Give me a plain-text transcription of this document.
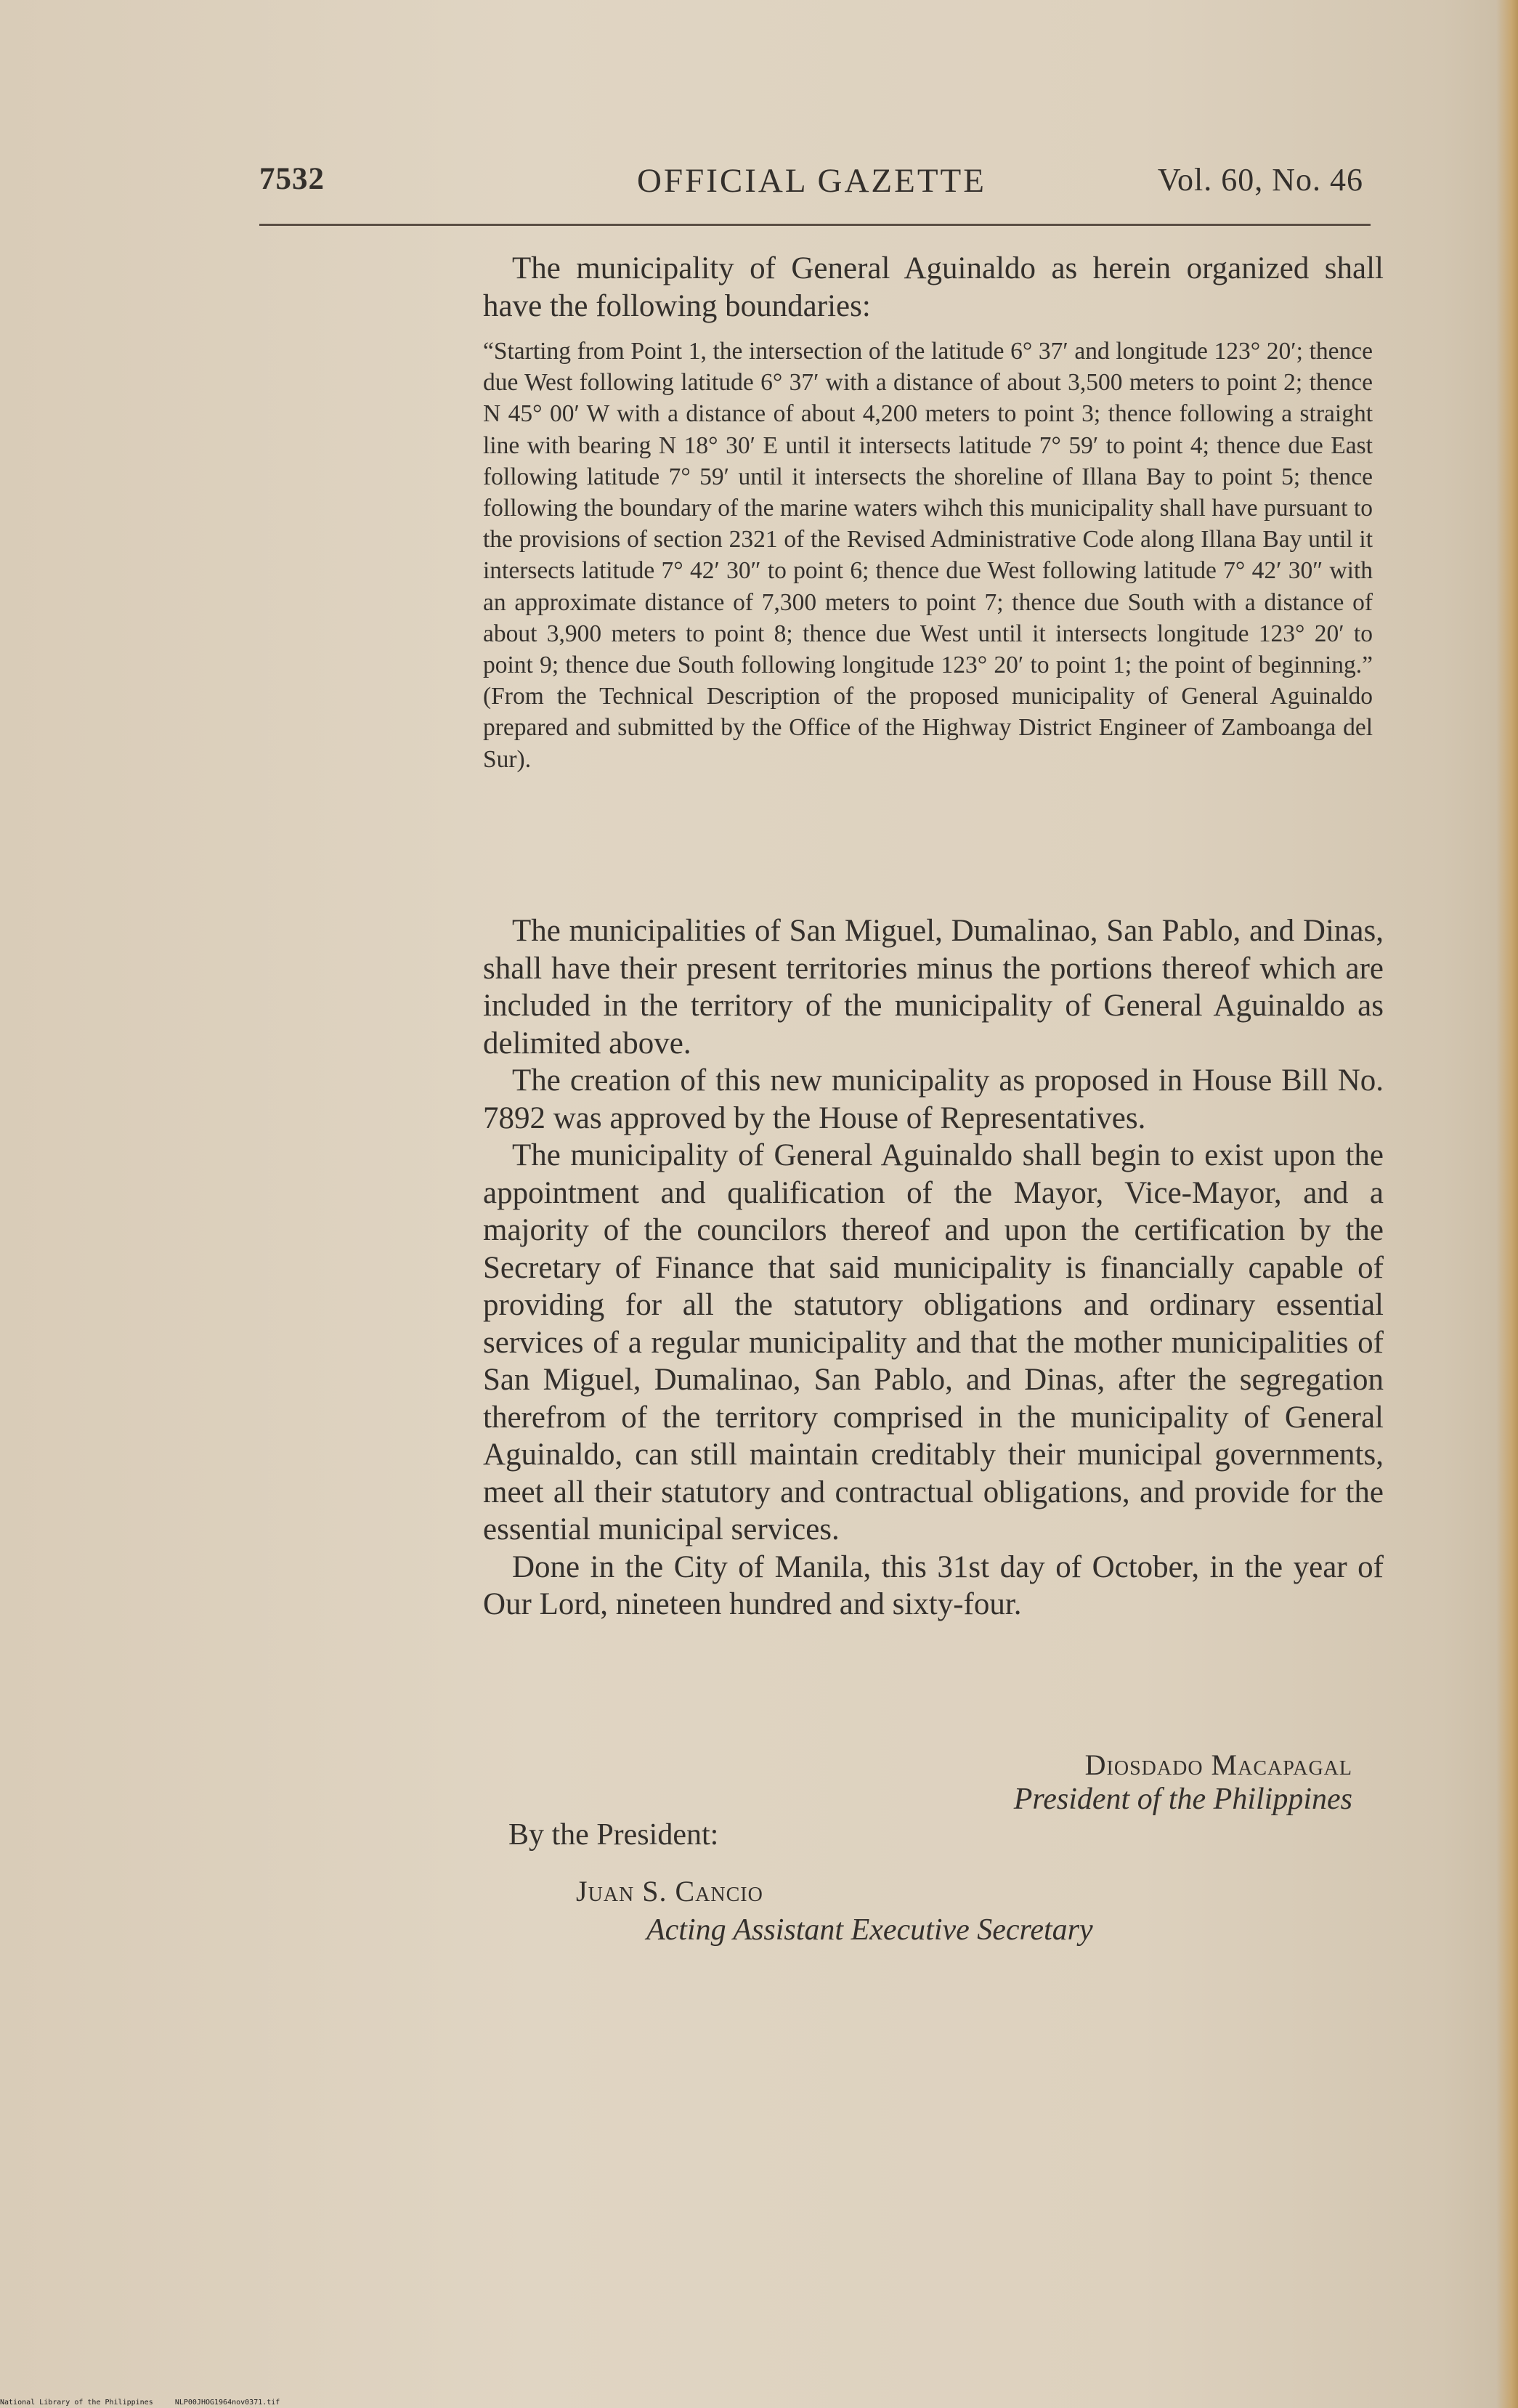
7532	OFFICIAL GAZETTE	Vol. 60, No. 46

The municipality of General Aguinaldo as herein organized shall have the following boundaries:

“Starting from Point 1, the intersection of the latitude 6° 37′ and longitude 123° 20′; thence due West following latitude 6° 37′ with a distance of about 3,500 meters to point 2; thence N 45° 00′ W with a distance of about 4,200 meters to point 3; thence following a straight line with bearing N 18° 30′ E until it intersects latitude 7° 59′ to point 4; thence due East following latitude 7° 59′ until it intersects the shoreline of Illana Bay to point 5; thence following the boundary of the marine waters wihch this municipality shall have pursuant to the provisions of section 2321 of the Revised Administrative Code along Illana Bay until it intersects latitude 7° 42′ 30″ to point 6; thence due West following latitude 7° 42′ 30″ with an approximate distance of 7,300 meters to point 7; thence due South with a distance of about 3,900 meters to point 8; thence due West until it intersects longitude 123° 20′ to point 9; thence due South following longitude 123° 20′ to point 1; the point of beginning.” (From the Technical Description of the proposed municipality of General Aguinaldo prepared and submitted by the Office of the Highway District Engineer of Zamboanga del Sur).

The municipalities of San Miguel, Dumalinao, San Pablo, and Dinas, shall have their present territories minus the portions thereof which are included in the territory of the municipality of General Aguinaldo as delimited above.

The creation of this new municipality as proposed in House Bill No. 7892 was approved by the House of Representatives.

The municipality of General Aguinaldo shall begin to exist upon the appointment and qualification of the Mayor, Vice-Mayor, and a majority of the councilors thereof and upon the certification by the Secretary of Finance that said municipality is financially capable of providing for all the statutory obligations and ordinary essential services of a regular municipality and that the mother municipalities of San Miguel, Dumalinao, San Pablo, and Dinas, after the segregation therefrom of the territory comprised in the municipality of General Aguinaldo, can still maintain creditably their municipal governments, meet all their statutory and contractual obligations, and provide for the essential municipal services.

Done in the City of Manila, this 31st day of October, in the year of Our Lord, nineteen hundred and sixty-four.

Diosdado Macapagal
President of the Philippines
By the President:
Juan S. Cancio
Acting Assistant Executive Secretary
National Library of the Philippines	NLP00JHOG1964nov0371.tif
